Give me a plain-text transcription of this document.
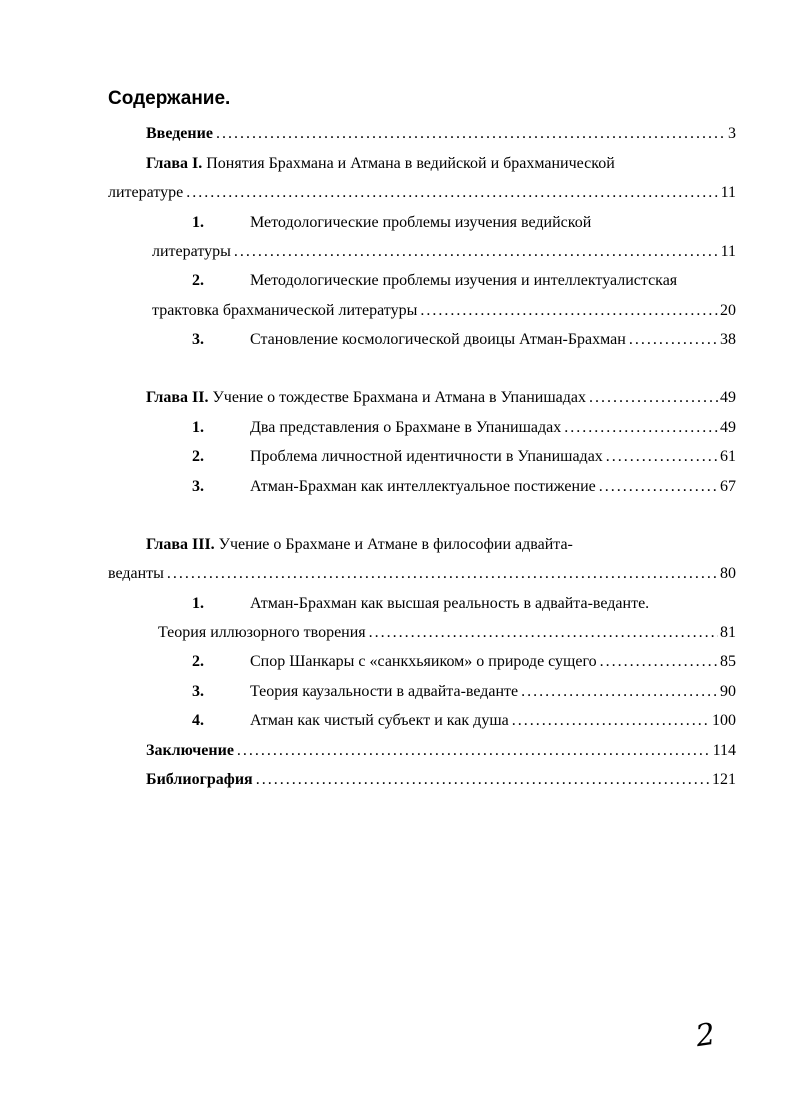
Содержание.
Введение . . .	3
Глава I. Понятия Брахмана и Атмана в ведийской и брахманической
литературе . . .	11
1.	Методологические проблемы изучения ведийской
литературы . . .	11
2.	Методологические проблемы изучения и интеллектуалистская
трактовка брахманической литературы . . .	20
3.	Становление космологической двоицы Атман-Брахман . . .	38
Глава II. Учение о тождестве Брахмана и Атмана в Упанишадах . . .	49
1.	Два представления о Брахмане в Упанишадах . . .	49
2.	Проблема личностной идентичности в Упанишадах . . .	61
3.	Атман-Брахман как интеллектуальное постижение . . .	67
Глава III. Учение о Брахмане и Атмане в философии адвайта-
веданты . . .	80
1.	Атман-Брахман как высшая реальность в адвайта-веданте.
Теория иллюзорного творения . . .	81
2.	Спор Шанкары с «санкхьяиком» о природе сущего . . .	85
3.	Теория каузальности в адвайта-веданте . . .	90
4.	Атман как чистый субъект и как душа . . .	100
Заключение . . .	114
Библиография . . .	121
2
